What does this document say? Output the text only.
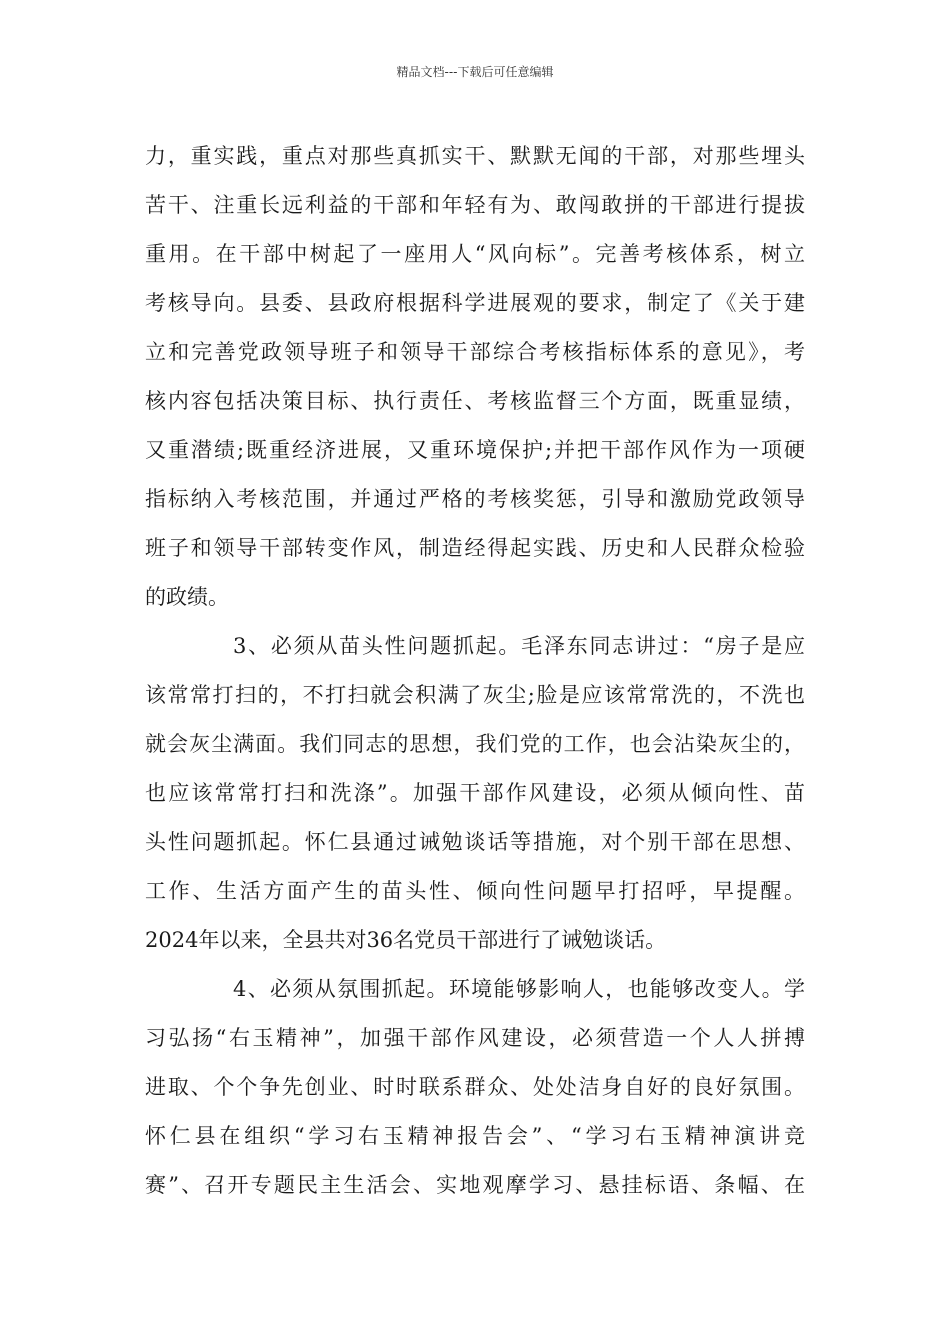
精品文档---下载后可任意编辑
力，重实践，重点对那些真抓实干、默默无闻的干部，对那些埋头
苦干、注重长远利益的干部和年轻有为、敢闯敢拼的干部进行提拔
重用。在干部中树起了一座用人“风向标”。完善考核体系，树立
考核导向。县委、县政府根据科学进展观的要求，制定了《关于建
立和完善党政领导班子和领导干部综合考核指标体系的意见》，考
核内容包括决策目标、执行责任、考核监督三个方面，既重显绩，
又重潜绩;既重经济进展，又重环境保护;并把干部作风作为一项硬
指标纳入考核范围，并通过严格的考核奖惩，引导和激励党政领导
班子和领导干部转变作风，制造经得起实践、历史和人民群众检验
的政绩。
3、必须从苗头性问题抓起。毛泽东同志讲过：“房子是应
该常常打扫的，不打扫就会积满了灰尘;脸是应该常常洗的，不洗也
就会灰尘满面。我们同志的思想，我们党的工作，也会沾染灰尘的，
也应该常常打扫和洗涤”。加强干部作风建设，必须从倾向性、苗
头性问题抓起。怀仁县通过诫勉谈话等措施，对个别干部在思想、
工作、生活方面产生的苗头性、倾向性问题早打招呼，早提醒。
2024年以来，全县共对36名党员干部进行了诫勉谈话。
4、必须从氛围抓起。环境能够影响人，也能够改变人。学
习弘扬“右玉精神”，加强干部作风建设，必须营造一个人人拼搏
进取、个个争先创业、时时联系群众、处处洁身自好的良好氛围。
怀仁县在组织“学习右玉精神报告会”、“学习右玉精神演讲竞
赛”、召开专题民主生活会、实地观摩学习、悬挂标语、条幅、在
